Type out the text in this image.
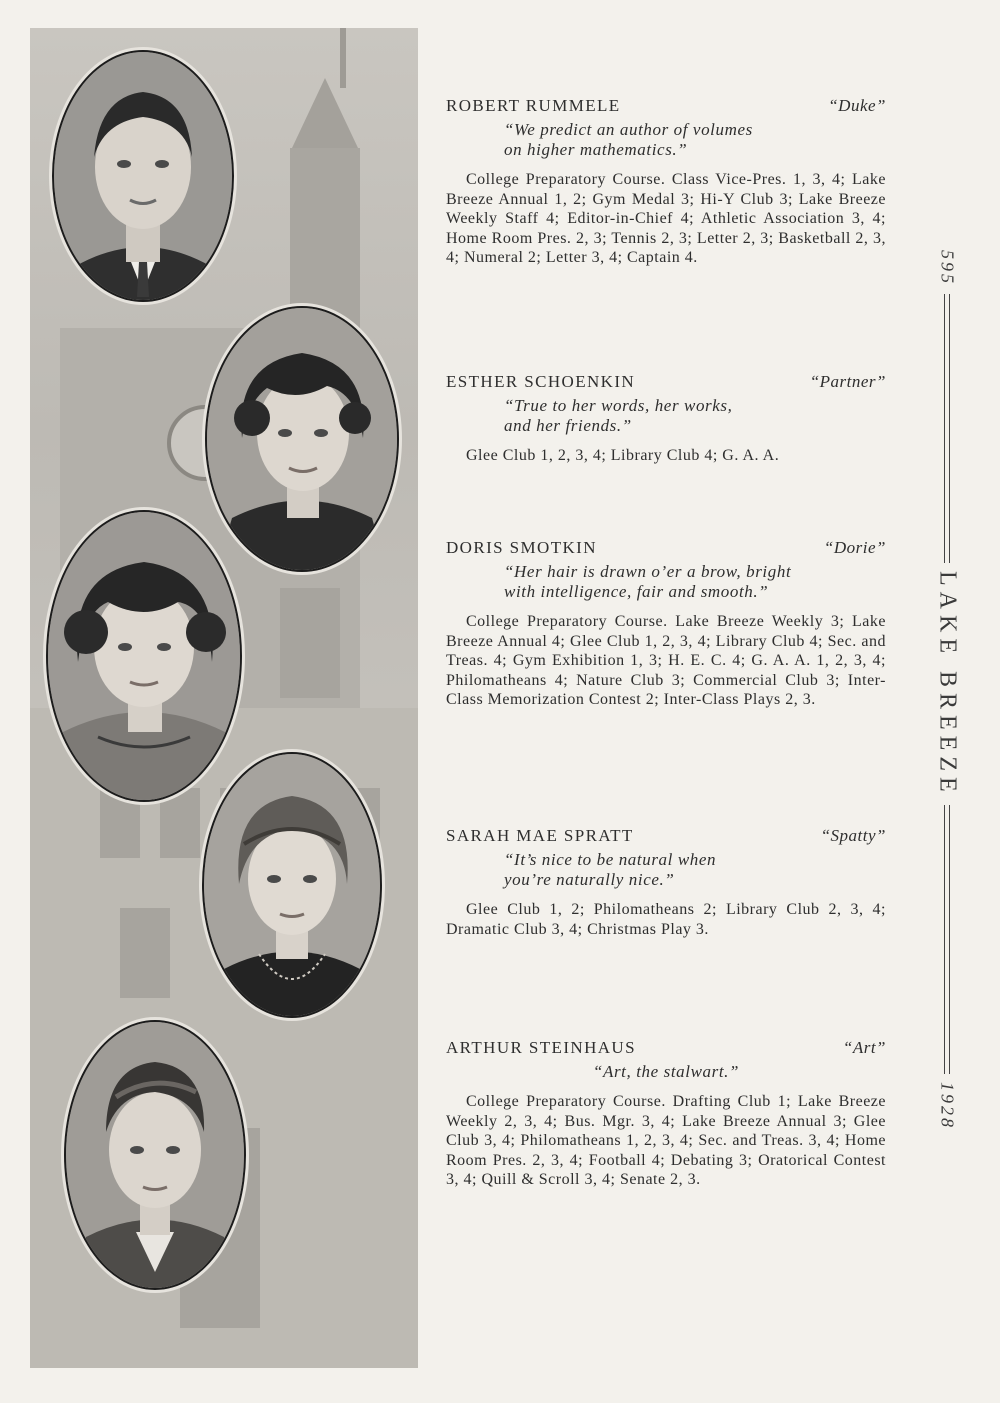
ROBERT RUMMELE	“Duke”
“We predict an author of volumes
on higher mathematics.”
College Preparatory Course. Class Vice-Pres. 1, 3, 4; Lake Breeze Annual 1, 2; Gym Medal 3; Hi-Y Club 3; Lake Breeze Weekly Staff 4; Editor-in-Chief 4; Athletic Association 3, 4; Home Room Pres. 2, 3; Tennis 2, 3; Letter 2, 3; Basketball 2, 3, 4; Numeral 2; Letter 3, 4; Captain 4.
ESTHER SCHOENKIN	“Partner”
“True to her words, her works,
and her friends.”
Glee Club 1, 2, 3, 4; Library Club 4; G. A. A.
DORIS SMOTKIN	“Dorie”
“Her hair is drawn o’er a brow, bright
with intelligence, fair and smooth.”
College Preparatory Course. Lake Breeze Weekly 3; Lake Breeze Annual 4; Glee Club 1, 2, 3, 4; Library Club 4; Sec. and Treas. 4; Gym Exhibition 1, 3; H. E. C. 4; G. A. A. 1, 2, 3, 4; Philomatheans 4; Nature Club 3; Commercial Club 3; Inter-Class Memorization Contest 2; Inter-Class Plays 2, 3.
SARAH MAE SPRATT	“Spatty”
“It’s nice to be natural when
you’re naturally nice.”
Glee Club 1, 2; Philomatheans 2; Library Club 2, 3, 4; Dramatic Club 3, 4; Christmas Play 3.
ARTHUR STEINHAUS	“Art”
“Art, the stalwart.”
College Preparatory Course. Drafting Club 1; Lake Breeze Weekly 2, 3, 4; Bus. Mgr. 3, 4; Lake Breeze Annual 3; Glee Club 3, 4; Philomatheans 1, 2, 3, 4; Sec. and Treas. 3, 4; Home Room Pres. 2, 3, 4; Football 4; Debating 3; Oratorical Contest 3, 4; Quill & Scroll 3, 4; Senate 2, 3.
595
LAKE BREEZE
1928
